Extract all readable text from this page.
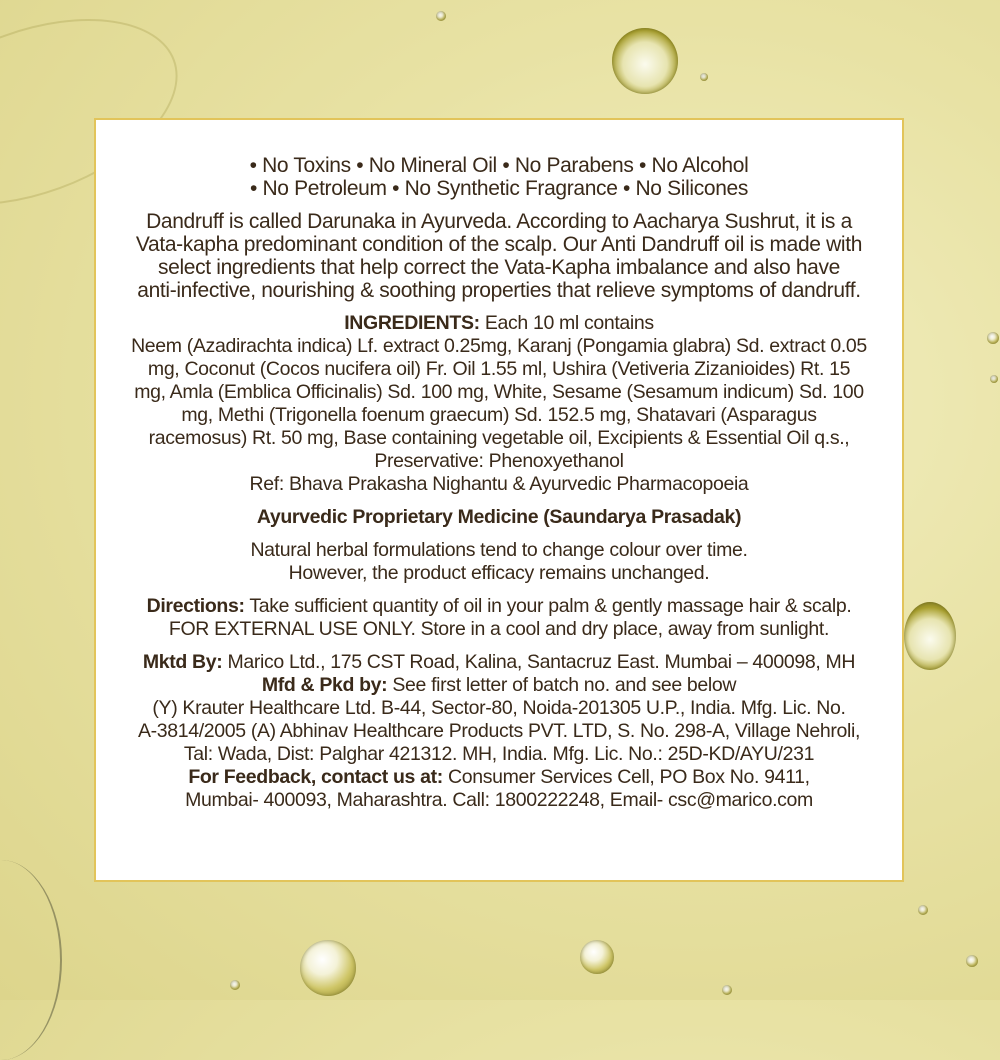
• No Toxins • No Mineral Oil • No Parabens • No Alcohol

• No Petroleum • No Synthetic Fragrance • No Silicones

Dandruff is called Darunaka in Ayurveda. According to Aacharya Sushrut, it is a

Vata-kapha predominant condition of the scalp. Our Anti Dandruff oil is made with

select ingredients that help correct the Vata-Kapha imbalance and also have

anti-infective, nourishing & soothing properties that relieve symptoms of dandruff.

INGREDIENTS: Each 10 ml contains

Neem (Azadirachta indica) Lf. extract 0.25mg, Karanj (Pongamia glabra) Sd. extract 0.05

mg, Coconut (Cocos nucifera oil) Fr. Oil 1.55 ml, Ushira (Vetiveria Zizanioides) Rt. 15

mg, Amla (Emblica Officinalis) Sd. 100 mg, White, Sesame (Sesamum indicum) Sd. 100

mg, Methi (Trigonella foenum graecum) Sd. 152.5 mg, Shatavari (Asparagus

racemosus) Rt. 50 mg, Base containing vegetable oil, Excipients & Essential Oil q.s.,

Preservative: Phenoxyethanol

Ref: Bhava Prakasha Nighantu & Ayurvedic Pharmacopoeia

Ayurvedic Proprietary Medicine (Saundarya Prasadak)

Natural herbal formulations tend to change colour over time.

However, the product efficacy remains unchanged.

Directions: Take sufficient quantity of oil in your palm & gently massage hair & scalp.

FOR EXTERNAL USE ONLY. Store in a cool and dry place, away from sunlight.

Mktd By: Marico Ltd., 175 CST Road, Kalina, Santacruz East. Mumbai – 400098, MH

Mfd & Pkd by: See first letter of batch no. and see below

(Y) Krauter Healthcare Ltd. B-44, Sector-80, Noida-201305 U.P., India. Mfg. Lic. No.

A-3814/2005 (A) Abhinav Healthcare Products PVT. LTD, S. No. 298-A, Village Nehroli,

Tal: Wada, Dist: Palghar 421312. MH, India. Mfg. Lic. No.: 25D-KD/AYU/231

For Feedback, contact us at: Consumer Services Cell, PO Box No. 9411,

Mumbai- 400093, Maharashtra. Call: 1800222248, Email- csc@marico.com
